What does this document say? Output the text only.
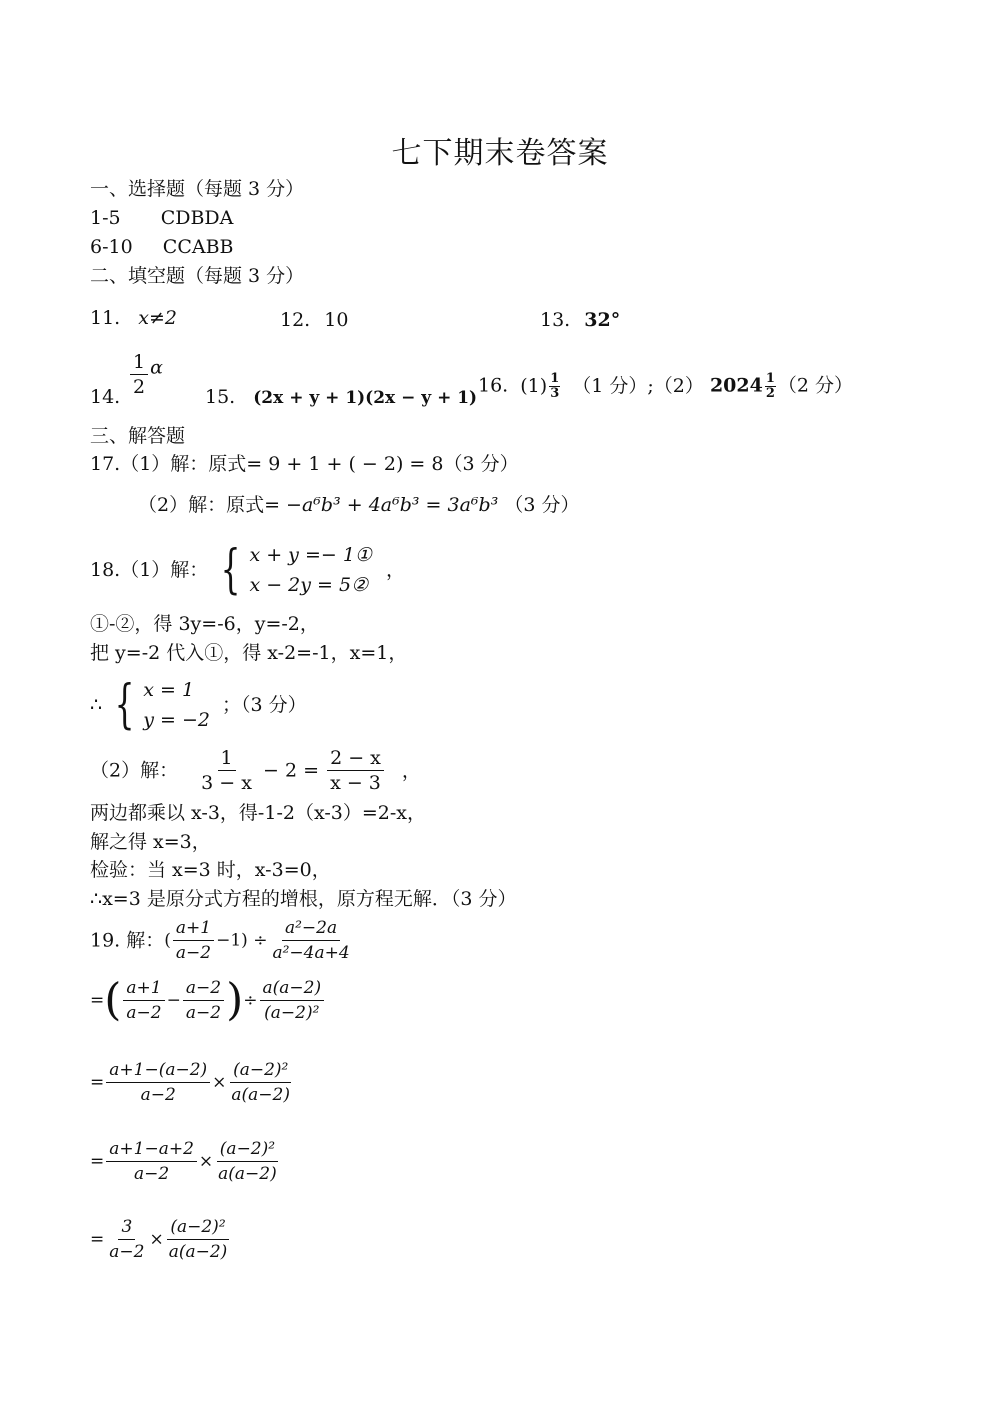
七下期末卷答案
一、选择题（每题 3 分）
1-5 CDBDA
6-10 CCABB
二、填空题（每题 3 分）
11. x≠2	12. 10	13. 32°
14. $\frac{1}{2}$ α
15. (2x + y + 1)(2x − y + 1)
16. $(1) \frac{1}{3} (1$ 分）;（2） $2024 \frac{1}{2} (2$ 分）
三、解答题
17.（1）解：原式= 9 + 1 + ( − 2) = 8（3 分）
（2）解：原式= −a⁶b³ + 4a⁶b³ = 3a⁶b³ （3 分）
18.（1）解： { x + y =− 1①
x − 2y = 5②
，
①-②，得 3y=-6，y=-2，
把 y=-2 代入①，得 x-2=-1，x=1，
∴ { x = 1
y = −2
；（3 分）
（2）解： $\frac{1}{3 - x} - 2 = \frac{2 - x}{x - 3}$ ，
两边都乘以 x-3，得-1-2（x-3）=2-x，
解之得 x=3，
检验：当 x=3 时，x-3=0，
∴x=3 是原分式方程的增根，原方程无解．（3 分）
19. 解：( $\frac{a+1}{a-2} -1) \div \frac{\text{a²−2a}}{\text{a²−4a+4}}$
=( $\frac{a+1}{a-2} - \frac{a-2}{a-2}$ )÷ $\frac{a(a-2)}{\text{(a−2)²}}$
= $\frac{a+1-(a-2)}{a-2} \times \frac{\text{(a−2)²}}{a(a-2)}$
= $\frac{a+1-a+2}{a-2} \times \frac{\text{(a−2)²}}{a(a-2)}$
= $\frac{3}{a-2} \times \frac{\text{(a−2)²}}{a(a-2)}$
